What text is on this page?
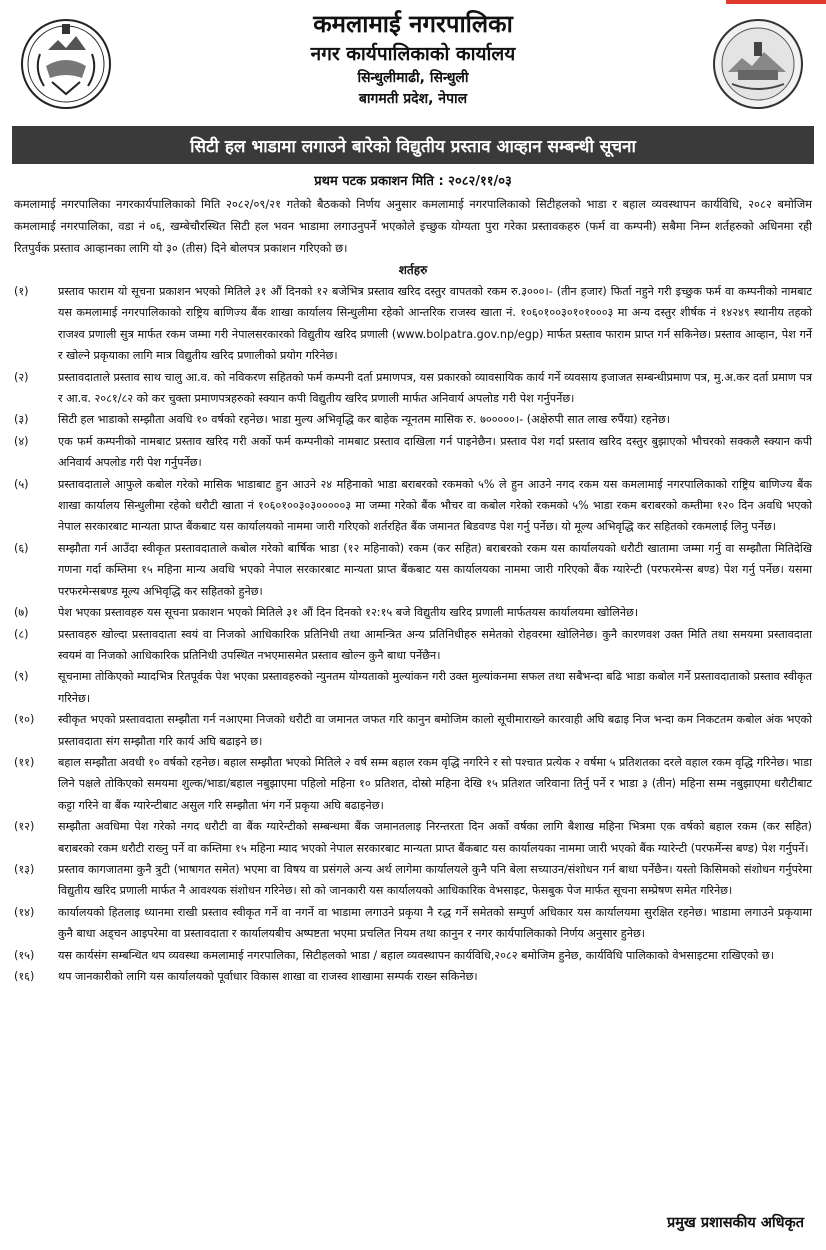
कमलामाई नगरपालिका
नगर कार्यपालिकाको कार्यालय
सिन्धुलीमाढी, सिन्धुली
बागमती प्रदेश, नेपाल
सिटी हल भाडामा लगाउने बारेको विद्युतीय प्रस्ताव आव्हान सम्बन्धी सूचना
प्रथम पटक प्रकाशन मिति : २०८२/११/०३

कमलामाई नगरपालिका नगरकार्यपालिकाको मिति २०८२/०९/२१ गतेको बैठकको निर्णय अनुसार कमलामाई नगरपालिकाको सिटीहलको भाडा र बहाल व्यवस्थापन कार्यविधि, २०८२ बमोजिम कमलामाई नगरपालिका, वडा नं ०६, खम्बेचौरस्थित सिटी हल भवन भाडामा लगाउनुपर्ने भएकोले इच्छुक योग्यता पुरा गरेका प्रस्तावकहरु (फर्म वा कम्पनी) सबैमा निम्न शर्तहरुको अधिनमा रही रितपुर्वक प्रस्ताव आव्हानका लागि यो ३० (तीस) दिने बोलपत्र प्रकाशन गरिएको छ।

शर्तहरु
(१)	प्रस्ताव फाराम यो सूचना प्रकाशन भएको मितिले ३१ औं दिनको १२ बजेभित्र प्रस्ताव खरिद दस्तुर वापतको रकम रु.३०००।- (तीन हजार) फिर्ता नहुने गरी इच्छुक फर्म वा कम्पनीको नामबाट यस कमलामाई नगरपालिकाको राष्ट्रिय बाणिज्य बैंक शाखा कार्यालय सिन्धुलीमा रहेको आन्तरिक राजस्व खाता नं. १०६०१००३०१०१०००३ मा अन्य दस्तुर शीर्षक नं १४२४९ स्थानीय तहको राजश्व प्रणाली सुत्र मार्फत रकम जम्मा गरी नेपालसरकारको विद्युतीय खरिद प्रणाली (www.bolpatra.gov.np/egp) मार्फत प्रस्ताव फाराम प्राप्त गर्न सकिनेछ। प्रस्ताव आव्हान, पेश गर्ने र खोल्ने प्रकृयाका लागि मात्र विद्युतीय खरिद प्रणालीको प्रयोग गरिनेछ।
(२)	प्रस्तावदाताले प्रस्ताव साथ चालु आ.व. को नविकरण सहितको फर्म कम्पनी दर्ता प्रमाणपत्र, यस प्रकारको व्यावसायिक कार्य गर्ने व्यवसाय इजाजत सम्बन्धीप्रमाण पत्र, मु.अ.कर दर्ता प्रमाण पत्र र आ.व. २०८१/८२ को कर चुक्ता प्रमाणपत्रहरुको स्क्यान कपी विद्युतीय खरिद प्रणाली मार्फत अनिवार्य अपलोड गरी पेश गर्नुपर्नेछ।
(३)	सिटी हल भाडाको सम्झौता अवधि १० वर्षको रहनेछ। भाडा मुल्य अभिवृद्धि कर बाहेक न्यूनतम मासिक रु. ७०००००।- (अक्षेरुपी सात लाख रुपैंया) रहनेछ।
(४)	एक फर्म कम्पनीको नामबाट प्रस्ताव खरिद गरी अर्को फर्म कम्पनीको नामबाट प्रस्ताव दाखिला गर्न पाइनेछैन। प्रस्ताव पेश गर्दा प्रस्ताव खरिद दस्तुर बुझाएको भौचरको सक्कलै स्क्यान कपी अनिवार्य अपलोड गरी पेश गर्नुपर्नेछ।
(५)	प्रस्तावदाताले आफुले कबोल गरेको मासिक भाडाबाट हुन आउने २४ महिनाको भाडा बराबरको रकमको ५% ले हुन आउने नगद रकम यस कमलामाई नगरपालिकाको राष्ट्रिय बाणिज्य बैंक शाखा कार्यालय सिन्धुलीमा रहेको धरौटी खाता नं १०६०१००३०३०००००३ मा जम्मा गरेको बैंक भौचर वा कबोल गरेको रकमको ५% भाडा रकम बराबरको कम्तीमा १२० दिन अवधि भएको नेपाल सरकारबाट मान्यता प्राप्त बैंकबाट यस कार्यालयको नाममा जारी गरिएको शर्तरहित बैंक जमानत बिडवण्ड पेश गर्नु पर्नेछ। यो मूल्य अभिवृद्धि कर सहितको रकमलाई लिनु पर्नेछ।
(६)	सम्झौता गर्न आउँदा स्वीकृत प्रस्तावदाताले कबोल गरेको बार्षिक भाडा (१२ महिनाको) रकम (कर सहित) बराबरको रकम यस कार्यालयको धरौटी खातामा जम्मा गर्नु वा सम्झौता मितिदेखि गणना गर्दा कम्तिमा १५ महिना मान्य अवधि भएको नेपाल सरकारबाट मान्यता प्राप्त बैंकबाट यस कार्यालयका नाममा जारी गरिएको बैंक ग्यारेन्टी (परफरमेन्स बण्ड) पेश गर्नु पर्नेछ। यसमा परफरमेन्सबण्ड मूल्य अभिवृद्धि कर सहितको हुनेछ।
(७)	पेश भएका प्रस्तावहरु यस सूचना प्रकाशन भएको मितिले ३१ औं दिन दिनको १२:१५ बजे विद्युतीय खरिद प्रणाली मार्फतयस कार्यालयमा खोलिनेछ।
(८)	प्रस्तावहरु खोल्दा प्रस्तावदाता स्वयं वा निजको आधिकारिक प्रतिनिधी तथा आमन्त्रित अन्य प्रतिनिधीहरु समेतको रोहवरमा खोलिनेछ। कुनै कारणवश उक्त मिति तथा समयमा प्रस्तावदाता स्वयमं वा निजको आधिकारिक प्रतिनिधी उपस्थित नभएमासमेत प्रस्ताव खोल्न कुनै बाधा पर्नेछैन।
(९)	सूचनामा तोकिएको म्यादभित्र रितपूर्वक पेश भएका प्रस्तावहरुको न्युनतम योग्यताको मुल्यांकन गरी उक्त मुल्यांकनमा सफल तथा सबैभन्दा बढि भाडा कबोल गर्ने प्रस्तावदाताको प्रस्ताव स्वीकृत गरिनेछ।
(१०)	स्वीकृत भएको प्रस्तावदाता सम्झौता गर्न नआएमा निजको धरौटी वा जमानत जफत गरि कानुन बमोजिम कालो सूचीमाराख्ने कारवाही अघि बढाइ निज भन्दा कम निकटतम कबोल अंक भएको प्रस्तावदाता संग सम्झौता गरि कार्य अघि बढाइने छ।
(११)	बहाल सम्झौता अवधी १० वर्षको रहनेछ। बहाल सम्झौता भएको मितिले २ वर्ष सम्म बहाल रकम वृद्धि नगरिने र सो पश्चात प्रत्येक २ वर्षमा ५ प्रतिशतका दरले वहाल रकम वृद्धि गरिनेछ। भाडा लिने पक्षले तोकिएको समयमा शुल्क/भाडा/बहाल नबुझाएमा पहिलो महिना १० प्रतिशत, दोस्रो महिना देखि १५ प्रतिशत जरिवाना तिर्नु पर्ने र भाडा ३ (तीन) महिना सम्म नबुझाएमा धरौटीबाट कट्टा गरिने वा बैंक ग्यारेन्टीबाट असुल गरि सम्झौता भंग गर्ने प्रकृया अघि बढाइनेछ।
(१२)	सम्झौता अवधिमा पेश गरेको नगद धरौटी वा बैंक ग्यारेन्टीको सम्बन्धमा बैंक जमानतलाइ निरन्तरता दिन अर्को वर्षका लागि बैशाख महिना भित्रमा एक वर्षको बहाल रकम (कर सहित) बराबरको रकम धरौटी राख्नु पर्ने वा कम्तिमा १५ महिना म्याद भएको नेपाल सरकारबाट मान्यता प्राप्त बैंकबाट यस कार्यालयका नाममा जारी भएको बैंक ग्यारेन्टी (परफर्मेन्स बण्ड) पेश गर्नुपर्ने।
(१३)	प्रस्ताव कागजातमा कुनै त्रुटी (भाषागत समेत) भएमा वा विषय वा प्रसंगले अन्य अर्थ लागेमा कार्यालयले कुनै पनि बेला सच्याउन/संशोधन गर्न बाधा पर्नेछैन। यस्तो किसिमको संशोधन गर्नुपरेमा विद्युतीय खरिद प्रणाली मार्फत नै आवश्यक संशोधन गरिनेछ। सो को जानकारी यस कार्यालयको आधिकारिक वेभसाइट, फेसबुक पेज मार्फत सूचना सम्प्रेषण समेत गरिनेछ।
(१४)	कार्यालयको हितलाइ ध्यानमा राखी प्रस्ताव स्वीकृत गर्ने वा नगर्ने वा भाडामा लगाउने प्रकृया नै रद्ध गर्ने समेतको सम्पुर्ण अधिकार यस कार्यालयमा सुरक्षित रहनेछ। भाडामा लगाउने प्रकृयामा कुनै बाधा अड्चन आइपरेमा वा प्रस्तावदाता र कार्यालयबीच अष्पष्टता भएमा प्रचलित नियम तथा कानुन र नगर कार्यपालिकाको निर्णय अनुसार हुनेछ।
(१५)	यस कार्यसंग सम्बन्धित थप व्यवस्था कमलामाई नगरपालिका, सिटीहलको भाडा / बहाल व्यवस्थापन कार्यविधि,२०८२ बमोजिम हुनेछ, कार्यविधि पालिकाको वेभसाइटमा राखिएको छ।
(१६)	थप जानकारीको लागि यस कार्यालयको पूर्वाधार विकास शाखा वा राजस्व शाखामा सम्पर्क राख्न सकिनेछ।
प्रमुख प्रशासकीय अधिकृत
